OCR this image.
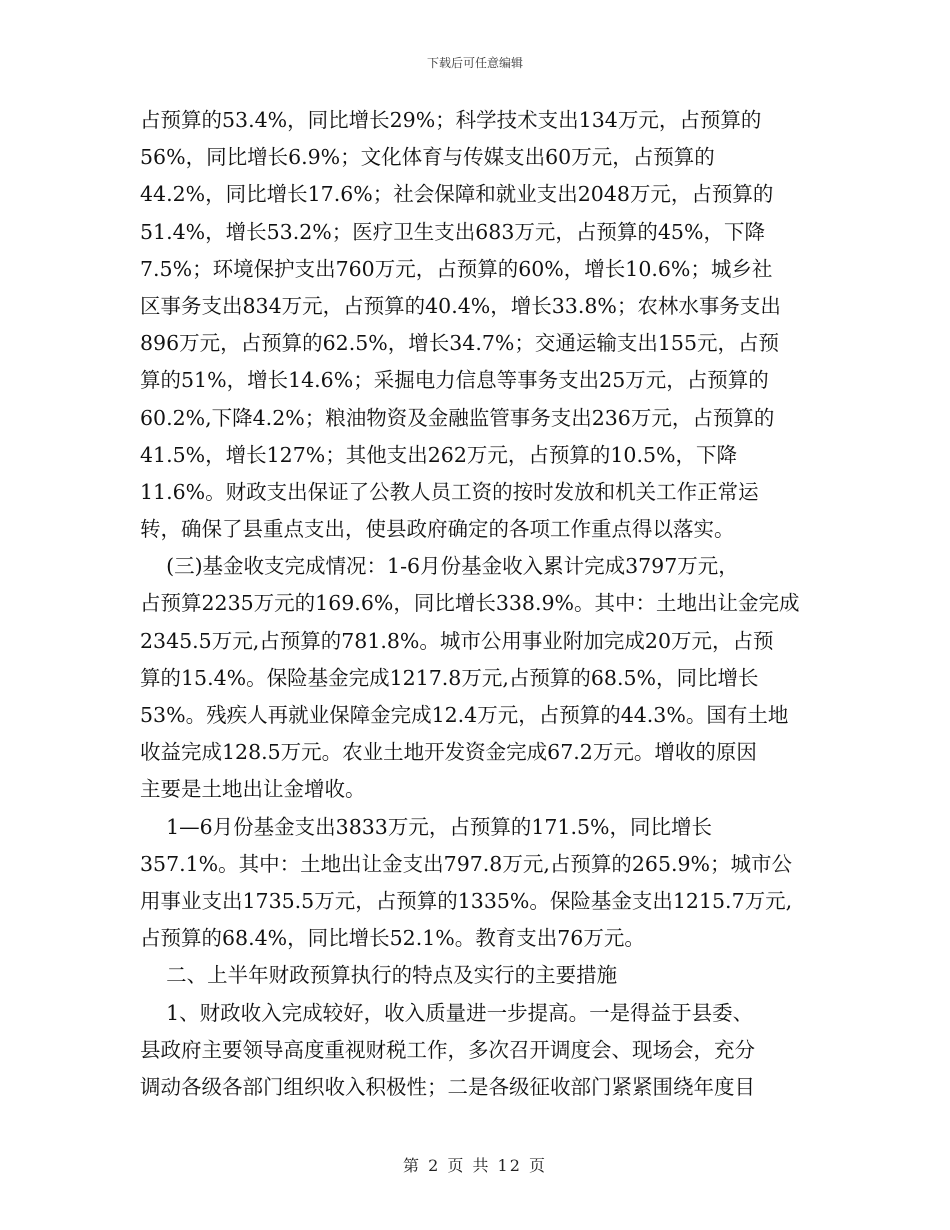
下载后可任意编辑
占预算的53.4%，同比增长29%；科学技术支出134万元，占预算的
56%，同比增长6.9%；文化体育与传媒支出60万元，占预算的
44.2%，同比增长17.6%；社会保障和就业支出2048万元，占预算的
51.4%，增长53.2%；医疗卫生支出683万元，占预算的45%，下降
7.5%；环境保护支出760万元，占预算的60%，增长10.6%；城乡社
区事务支出834万元，占预算的40.4%，增长33.8%；农林水事务支出
896万元，占预算的62.5%，增长34.7%；交通运输支出155元，占预
算的51%，增长14.6%；采掘电力信息等事务支出25万元，占预算的
60.2%,下降4.2%；粮油物资及金融监管事务支出236万元，占预算的
41.5%，增长127%；其他支出262万元，占预算的10.5%，下降
11.6%。财政支出保证了公教人员工资的按时发放和机关工作正常运
转，确保了县重点支出，使县政府确定的各项工作重点得以落实。
(三)基金收支完成情况：1-6月份基金收入累计完成3797万元，
占预算2235万元的169.6%，同比增长338.9%。其中：土地出让金完成
2345.5万元,占预算的781.8%。城市公用事业附加完成20万元，占预
算的15.4%。保险基金完成1217.8万元,占预算的68.5%，同比增长
53%。残疾人再就业保障金完成12.4万元，占预算的44.3%。国有土地
收益完成128.5万元。农业土地开发资金完成67.2万元。增收的原因
主要是土地出让金增收。
1—6月份基金支出3833万元，占预算的171.5%，同比增长
357.1%。其中：土地出让金支出797.8万元,占预算的265.9%；城市公
用事业支出1735.5万元，占预算的1335%。保险基金支出1215.7万元,
占预算的68.4%，同比增长52.1%。教育支出76万元。
二、上半年财政预算执行的特点及实行的主要措施
1、财政收入完成较好，收入质量进一步提高。一是得益于县委、
县政府主要领导高度重视财税工作，多次召开调度会、现场会，充分
调动各级各部门组织收入积极性；二是各级征收部门紧紧围绕年度目
第 2 页 共 12 页
